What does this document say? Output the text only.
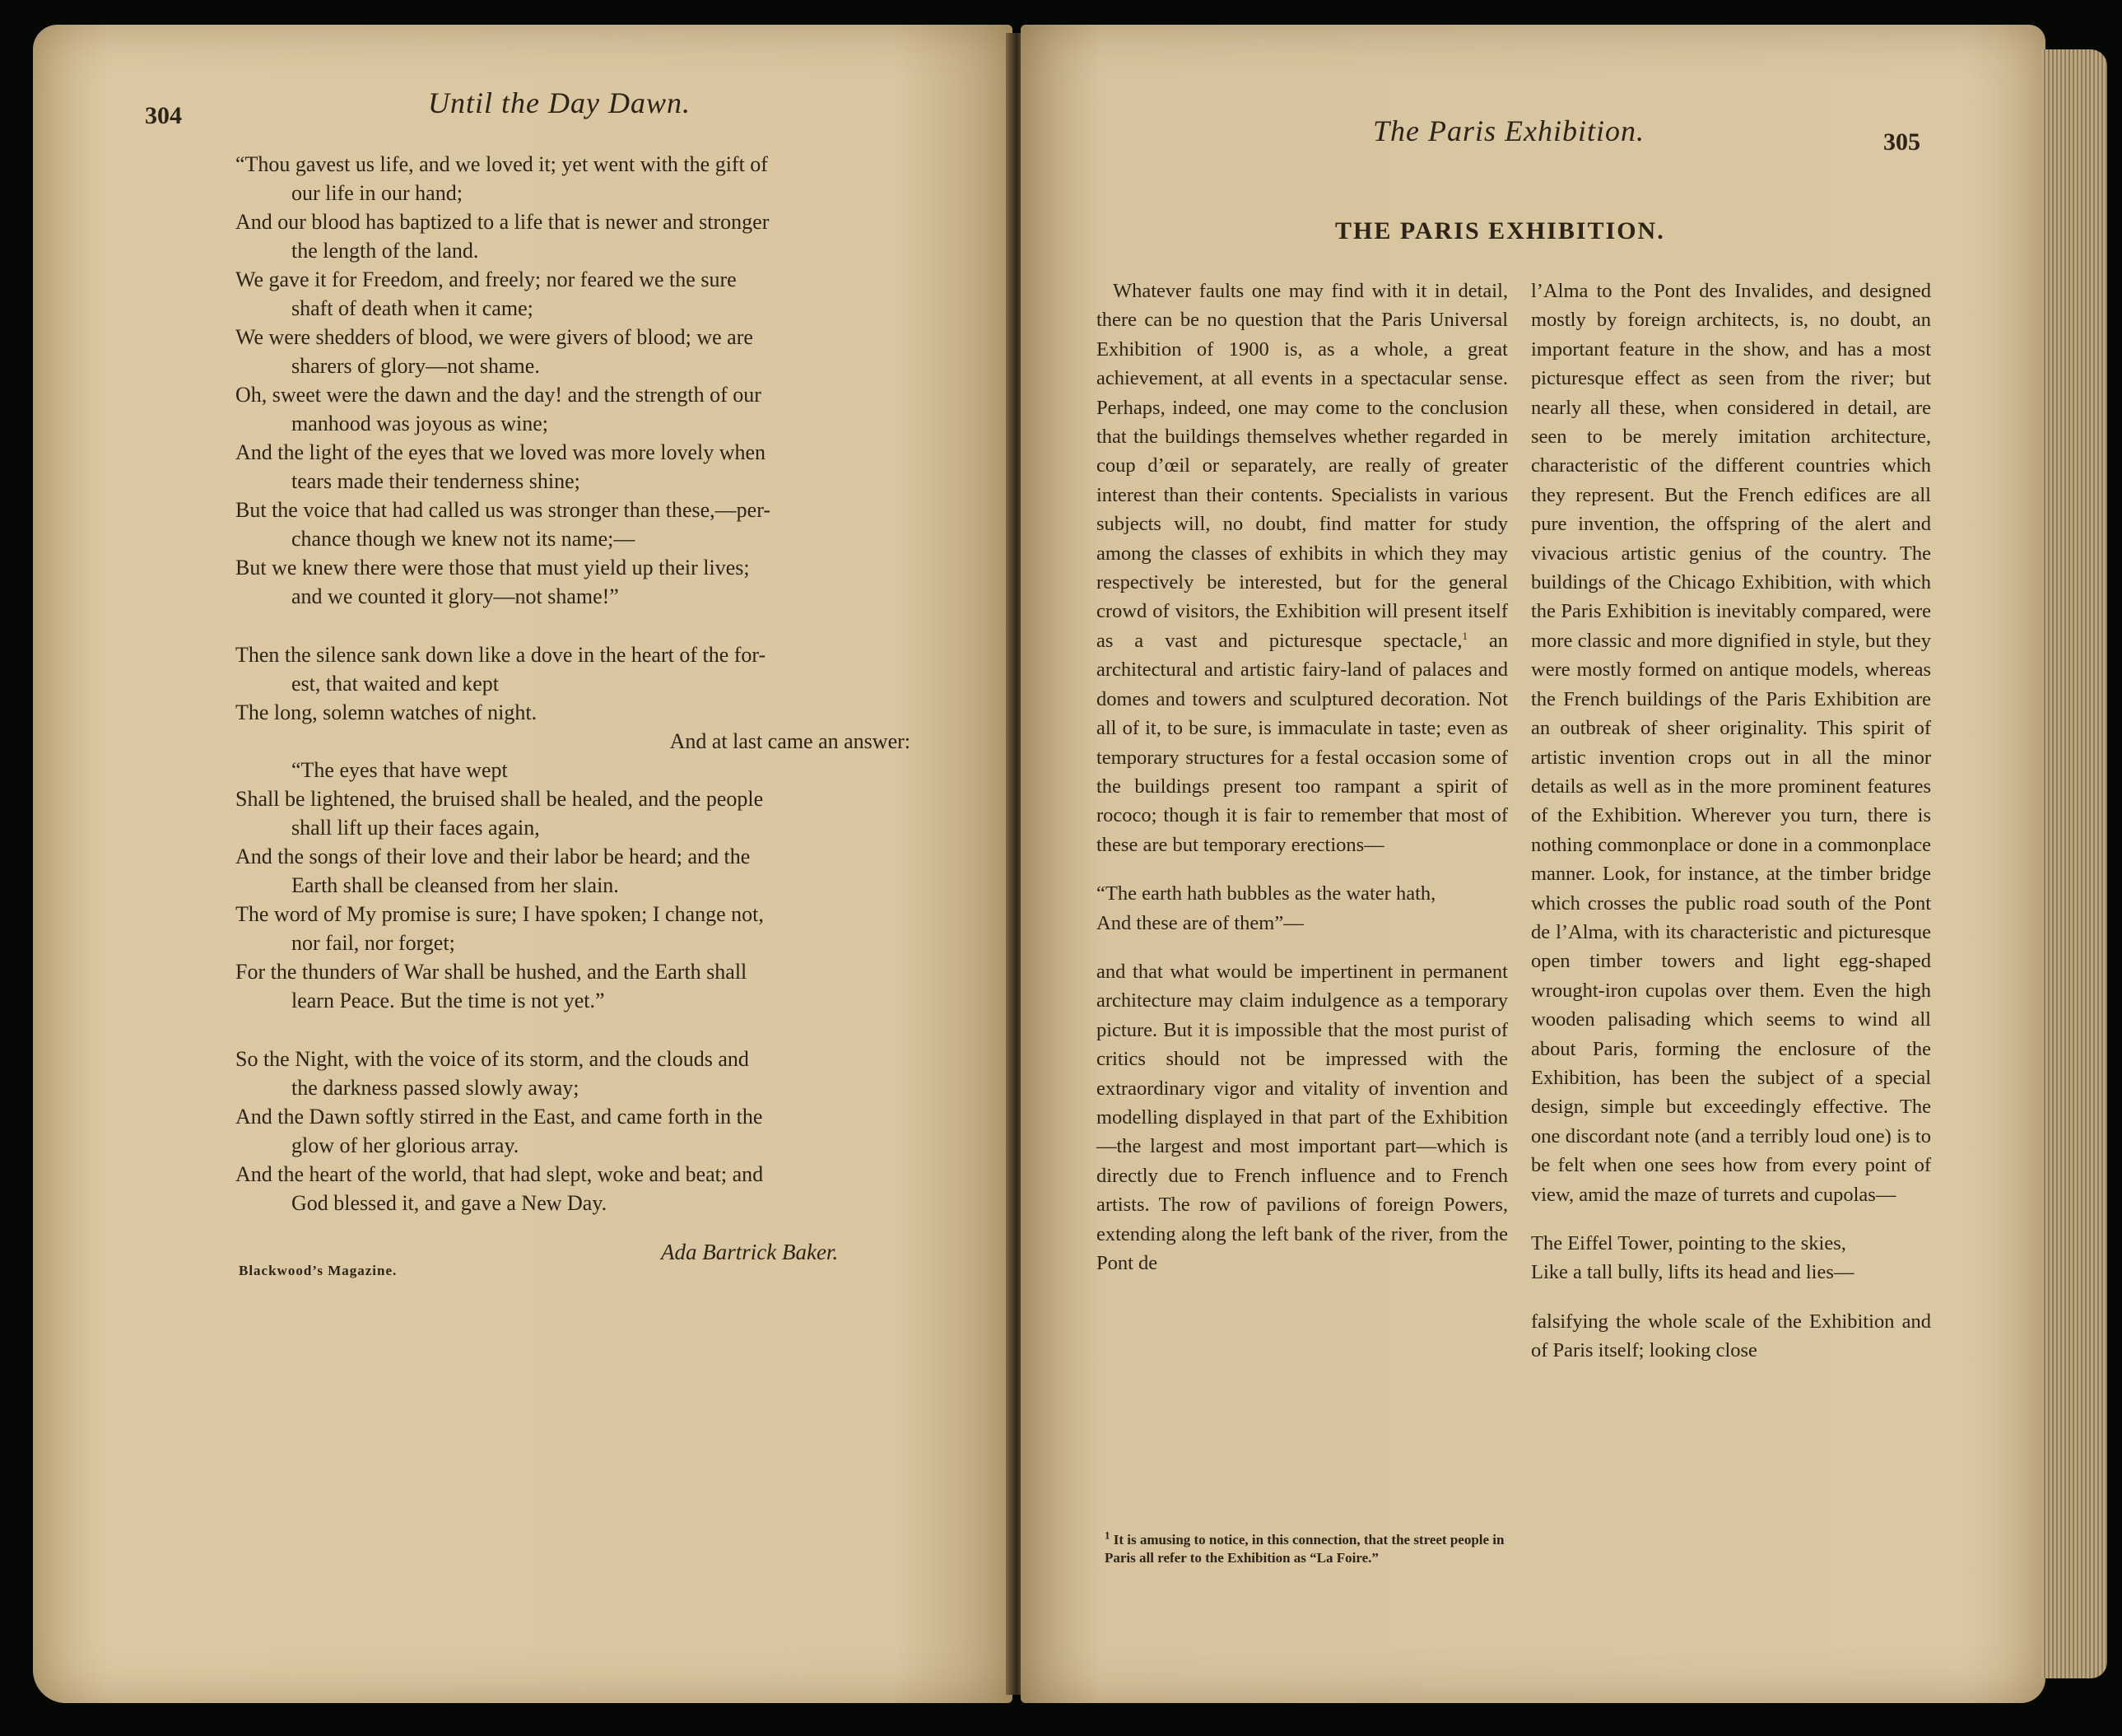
304	Until the Day Dawn.
“Thou gavest us life, and we loved it; yet went with the gift of
our life in our hand;
And our blood has baptized to a life that is newer and stronger
the length of the land.
We gave it for Freedom, and freely; nor feared we the sure
shaft of death when it came;
We were shedders of blood, we were givers of blood; we are
sharers of glory—not shame.
Oh, sweet were the dawn and the day! and the strength of our
manhood was joyous as wine;
And the light of the eyes that we loved was more lovely when
tears made their tenderness shine;
But the voice that had called us was stronger than these,—per-
chance though we knew not its name;—
But we knew there were those that must yield up their lives;
and we counted it glory—not shame!”
Then the silence sank down like a dove in the heart of the for-
est, that waited and kept
The long, solemn watches of night.
And at last came an answer:
“The eyes that have wept
Shall be lightened, the bruised shall be healed, and the people
shall lift up their faces again,
And the songs of their love and their labor be heard; and the
Earth shall be cleansed from her slain.
The word of My promise is sure; I have spoken; I change not,
nor fail, nor forget;
For the thunders of War shall be hushed, and the Earth shall
learn Peace. But the time is not yet.”
So the Night, with the voice of its storm, and the clouds and
the darkness passed slowly away;
And the Dawn softly stirred in the East, and came forth in the
glow of her glorious array.
And the heart of the world, that had slept, woke and beat; and
God blessed it, and gave a New Day.
Ada Bartrick Baker.
Blackwood’s Magazine.
The Paris Exhibition.	305
THE PARIS EXHIBITION.

Whatever faults one may find with it in detail, there can be no question that the Paris Universal Exhibition of 1900 is, as a whole, a great achievement, at all events in a spectacular sense. Perhaps, indeed, one may come to the conclusion that the buildings themselves whether regarded in coup d’œil or separately, are really of greater interest than their contents. Specialists in various subjects will, no doubt, find matter for study among the classes of exhibits in which they may respectively be interested, but for the general crowd of visitors, the Exhibition will present itself as a vast and picturesque spectacle,$^1$ an architectural and artistic fairy-land of palaces and domes and towers and sculptured decoration. Not all of it, to be sure, is immaculate in taste; even as temporary structures for a festal occasion some of the buildings present too rampant a spirit of rococo; though it is fair to remember that most of these are but temporary erections—

“The earth hath bubbles as the water hath,
And these are of them”—

and that what would be impertinent in permanent architecture may claim indulgence as a temporary picture. But it is impossible that the most purist of critics should not be impressed with the extraordinary vigor and vitality of invention and modelling displayed in that part of the Exhibition—the largest and most important part—which is directly due to French influence and to French artists. The row of pavilions of foreign Powers, extending along the left bank of the river, from the Pont de

$^1$ It is amusing to notice, in this connection, that the street people in Paris all refer to the Exhibition as “La Foire.”

l’Alma to the Pont des Invalides, and designed mostly by foreign architects, is, no doubt, an important feature in the show, and has a most picturesque effect as seen from the river; but nearly all these, when considered in detail, are seen to be merely imitation architecture, characteristic of the different countries which they represent. But the French edifices are all pure invention, the offspring of the alert and vivacious artistic genius of the country. The buildings of the Chicago Exhibition, with which the Paris Exhibition is inevitably compared, were more classic and more dignified in style, but they were mostly formed on antique models, whereas the French buildings of the Paris Exhibition are an outbreak of sheer originality. This spirit of artistic invention crops out in all the minor details as well as in the more prominent features of the Exhibition. Wherever you turn, there is nothing commonplace or done in a commonplace manner. Look, for instance, at the timber bridge which crosses the public road south of the Pont de l’Alma, with its characteristic and picturesque open timber towers and light egg-shaped wrought-iron cupolas over them. Even the high wooden palisading which seems to wind all about Paris, forming the enclosure of the Exhibition, has been the subject of a special design, simple but exceedingly effective. The one discordant note (and a terribly loud one) is to be felt when one sees how from every point of view, amid the maze of turrets and cupolas—

The Eiffel Tower, pointing to the skies,
Like a tall bully, lifts its head and lies—

falsifying the whole scale of the Exhibition and of Paris itself; looking close
